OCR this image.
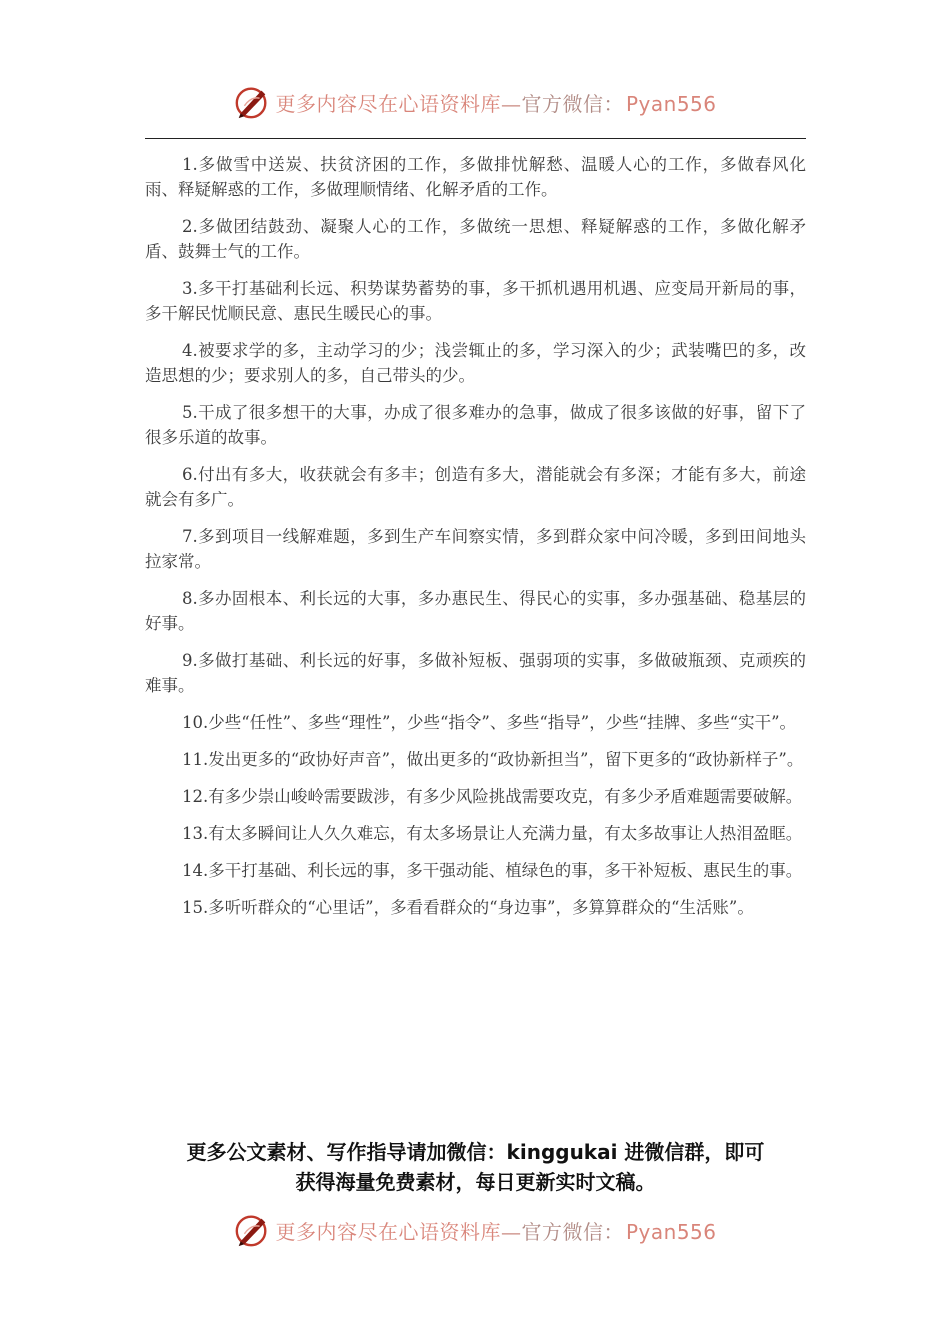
更多内容尽在心语资料库—官方微信： Pyan556

1.多做雪中送炭、扶贫济困的工作，多做排忧解愁、温暖人心的工作，多做春风化雨、释疑解惑的工作，多做理顺情绪、化解矛盾的工作。

2.多做团结鼓劲、凝聚人心的工作，多做统一思想、释疑解惑的工作，多做化解矛盾、鼓舞士气的工作。

3.多干打基础利长远、积势谋势蓄势的事，多干抓机遇用机遇、应变局开新局的事，多干解民忧顺民意、惠民生暖民心的事。

4.被要求学的多，主动学习的少；浅尝辄止的多，学习深入的少；武装嘴巴的多，改造思想的少；要求别人的多，自己带头的少。

5.干成了很多想干的大事，办成了很多难办的急事，做成了很多该做的好事，留下了很多乐道的故事。

6.付出有多大，收获就会有多丰；创造有多大，潜能就会有多深；才能有多大，前途就会有多广。

7.多到项目一线解难题，多到生产车间察实情，多到群众家中问冷暖，多到田间地头拉家常。

8.多办固根本、利长远的大事，多办惠民生、得民心的实事，多办强基础、稳基层的好事。

9.多做打基础、利长远的好事，多做补短板、强弱项的实事，多做破瓶颈、克顽疾的难事。

10.少些“任性”、多些“理性”，少些“指令”、多些“指导”，少些“挂牌、多些“实干”。

11.发出更多的“政协好声音”，做出更多的“政协新担当”，留下更多的“政协新样子”。

12.有多少崇山峻岭需要跋涉，有多少风险挑战需要攻克，有多少矛盾难题需要破解。

13.有太多瞬间让人久久难忘，有太多场景让人充满力量，有太多故事让人热泪盈眶。

14.多干打基础、利长远的事，多干强动能、植绿色的事，多干补短板、惠民生的事。

15.多听听群众的“心里话”，多看看群众的“身边事”，多算算群众的“生活账”。

更多公文素材、写作指导请加微信：kinggukai 进微信群，即可
获得海量免费素材，每日更新实时文稿。
更多内容尽在心语资料库—官方微信： Pyan556
